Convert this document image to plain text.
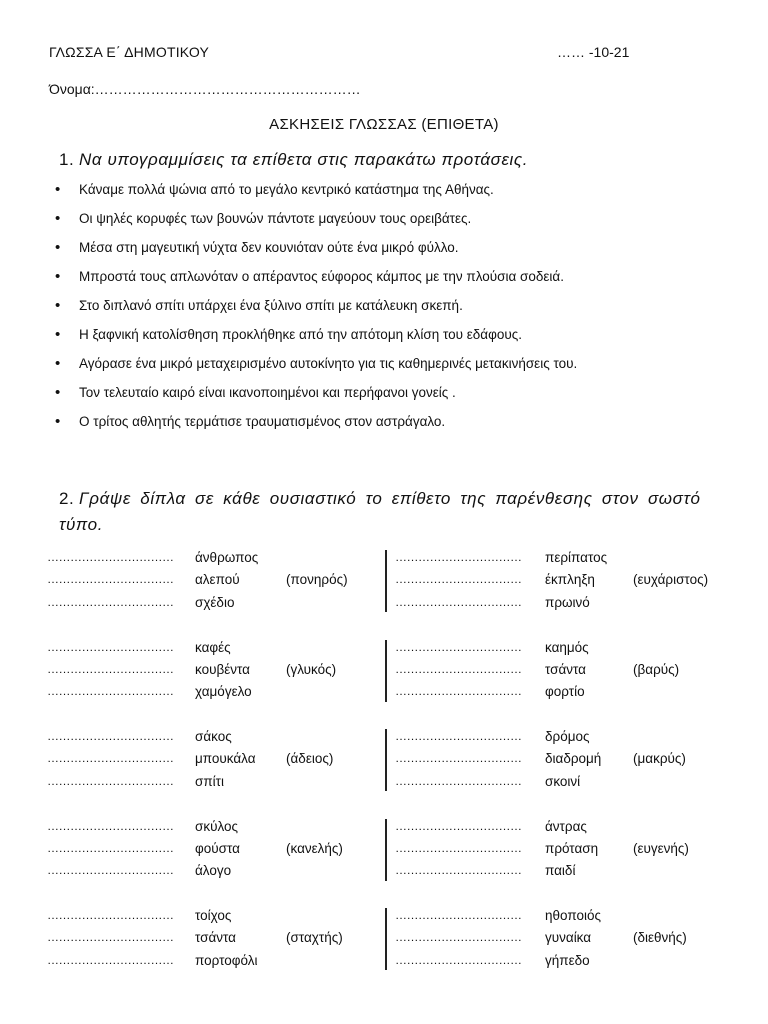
ΓΛΩΣΣΑ Ε΄ ΔΗΜΟΤΙΚΟΥ	…… -10-21
Όνομα:…………………………………………………
ΑΣΚΗΣΕΙΣ ΓΛΩΣΣΑΣ (ΕΠΙΘΕΤΑ)
1. Να υπογραμμίσεις τα επίθετα στις παρακάτω προτάσεις.
•	Κάναμε πολλά ψώνια από το μεγάλο κεντρικό κατάστημα της Αθήνας.
•	Οι ψηλές κορυφές των βουνών πάντοτε μαγεύουν τους ορειβάτες.
•	Μέσα στη μαγευτική νύχτα δεν κουνιόταν ούτε ένα μικρό φύλλο.
•	Μπροστά τους απλωνόταν ο απέραντος εύφορος κάμπος με την πλούσια σοδειά.
•	Στο διπλανό σπίτι υπάρχει ένα ξύλινο σπίτι με κατάλευκη σκεπή.
•	Η ξαφνική κατολίσθηση προκλήθηκε από την απότομη κλίση του εδάφους.
•	Αγόρασε ένα μικρό μεταχειρισμένο αυτοκίνητο για τις καθημερινές μετακινήσεις του.
•	Τον τελευταίο καιρό είναι ικανοποιημένοι και περήφανοι γονείς .
•	Ο τρίτος αθλητής τερμάτισε τραυματισμένος στον αστράγαλο.
2. Γράψε δίπλα σε κάθε ουσιαστικό το επίθετο της παρένθεσης στον σωστό τύπο.
…………………………… άνθρωπος	…………………………… περίπατος
…………………………… αλεπού	(πονηρός)	…………………………… έκπληξη	(ευχάριστος)
…………………………… σχέδιο	…………………………… πρωινό
…………………………… καφές	…………………………… καημός
…………………………… κουβέντα	(γλυκός)	…………………………… τσάντα	(βαρύς)
…………………………… χαμόγελο	…………………………… φορτίο
…………………………… σάκος	…………………………… δρόμος
…………………………… μπουκάλα (άδειος)	…………………………… διαδρομή (μακρύς)
…………………………… σπίτι	…………………………… σκοινί
…………………………… σκύλος	…………………………… άντρας
…………………………… φούστα	(κανελής)	…………………………… πρόταση	(ευγενής)
…………………………… άλογο	…………………………… παιδί
…………………………… τοίχος	…………………………… ηθοποιός
…………………………… τσάντα	(σταχτής)	…………………………… γυναίκα	(διεθνής)
…………………………… πορτοφόλι	…………………………… γήπεδο
